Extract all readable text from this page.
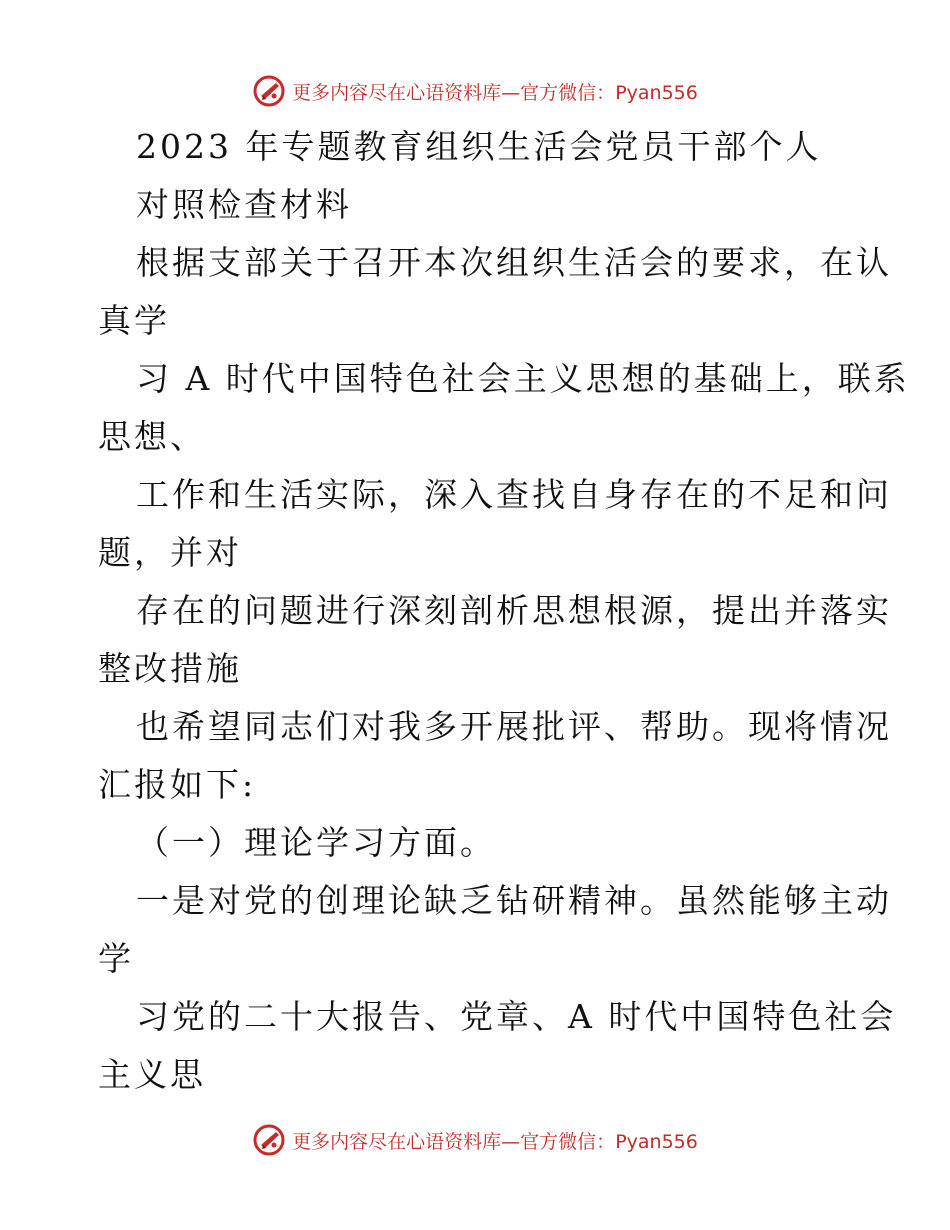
更多内容尽在心语资料库—官方微信：Pyan556
2023 年专题教育组织生活会党员干部个人
对照检查材料
根据支部关于召开本次组织生活会的要求，在认
真学
习 A 时代中国特色社会主义思想的基础上，联系
思想、
工作和生活实际，深入查找自身存在的不足和问
题，并对
存在的问题进行深刻剖析思想根源，提出并落实
整改措施
也希望同志们对我多开展批评、帮助。现将情况
汇报如下:
（一）理论学习方面。
一是对党的创理论缺乏钻研精神。虽然能够主动
学
习党的二十大报告、党章、A 时代中国特色社会
主义思
更多内容尽在心语资料库—官方微信：Pyan556
